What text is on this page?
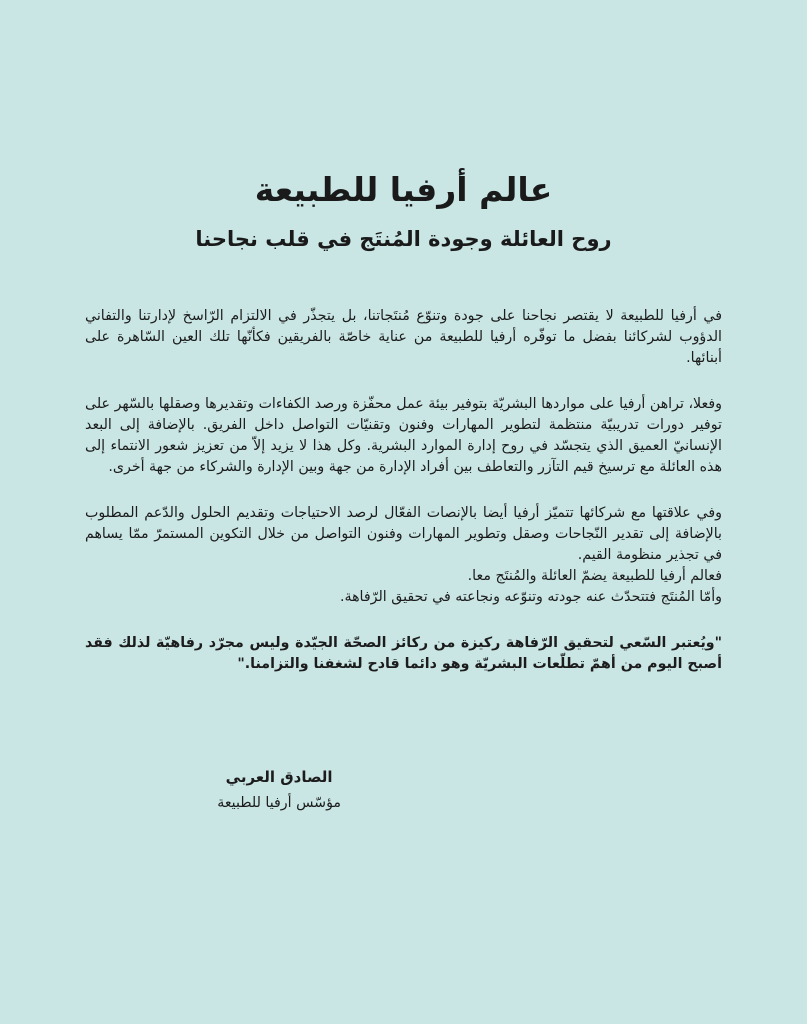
عالم أرفيا للطبيعة
روح العائلة وجودة المُنتَج في قلب نجاحنا

في أرفيا للطبيعة لا يقتصر نجاحنا على جودة وتنوّع مُنتَجاتنا، بل يتجذّر في الالتزام الرّاسخ لإدارتنا والتفاني الدؤوب لشركائنا بفضل ما توفّره أرفيا للطبيعة من عناية خاصّة بالفريقين فكأنّها تلك العين السّاهرة على أبنائها.

وفعلا، تراهن أرفيا على مواردها البشريّة بتوفير بيئة عمل محفّزة ورصد الكفاءات وتقديرها وصقلها بالسّهر على توفير دورات تدريبيّة منتظمة لتطوير المهارات وفنون وتقنيّات التواصل داخل الفريق. بالإضافة إلى البعد الإنسانيّ العميق الذي يتجسّد في روح إدارة الموارد البشرية. وكل هذا لا يزيد إلاّ من تعزيز شعور الانتماء إلى هذه العائلة مع ترسيخ قيم التآزر والتعاطف بين أفراد الإدارة من جهة وبين الإدارة والشركاء من جهة أخرى.

وفي علاقتها مع شركائها تتميّز أرفيا أيضا بالإنصات الفعّال لرصد الاحتياجات وتقديم الحلول والدّعم المطلوب بالإضافة إلى تقدير النّجاحات وصقل وتطوير المهارات وفنون التواصل من خلال التكوين المستمرّ ممّا يساهم في تجذير منظومة القيم.

فعالم أرفيا للطبيعة يضمّ العائلة والمُنتَج معا.

وأمّا المُنتَج فتتحدّث عنه جودته وتنوّعه ونجاعته في تحقيق الرّفاهة.

"ويُعتبر السّعي لتحقيق الرّفاهة ركيزة من ركائز الصحّة الجيّدة وليس مجرّد رفاهيّة لذلك فقد أصبح اليوم من أهمّ تطلّعات البشريّة وهو دائما قادح لشغفنا والتزامنا."

الصادق العربي
مؤسّس أرفيا للطبيعة
